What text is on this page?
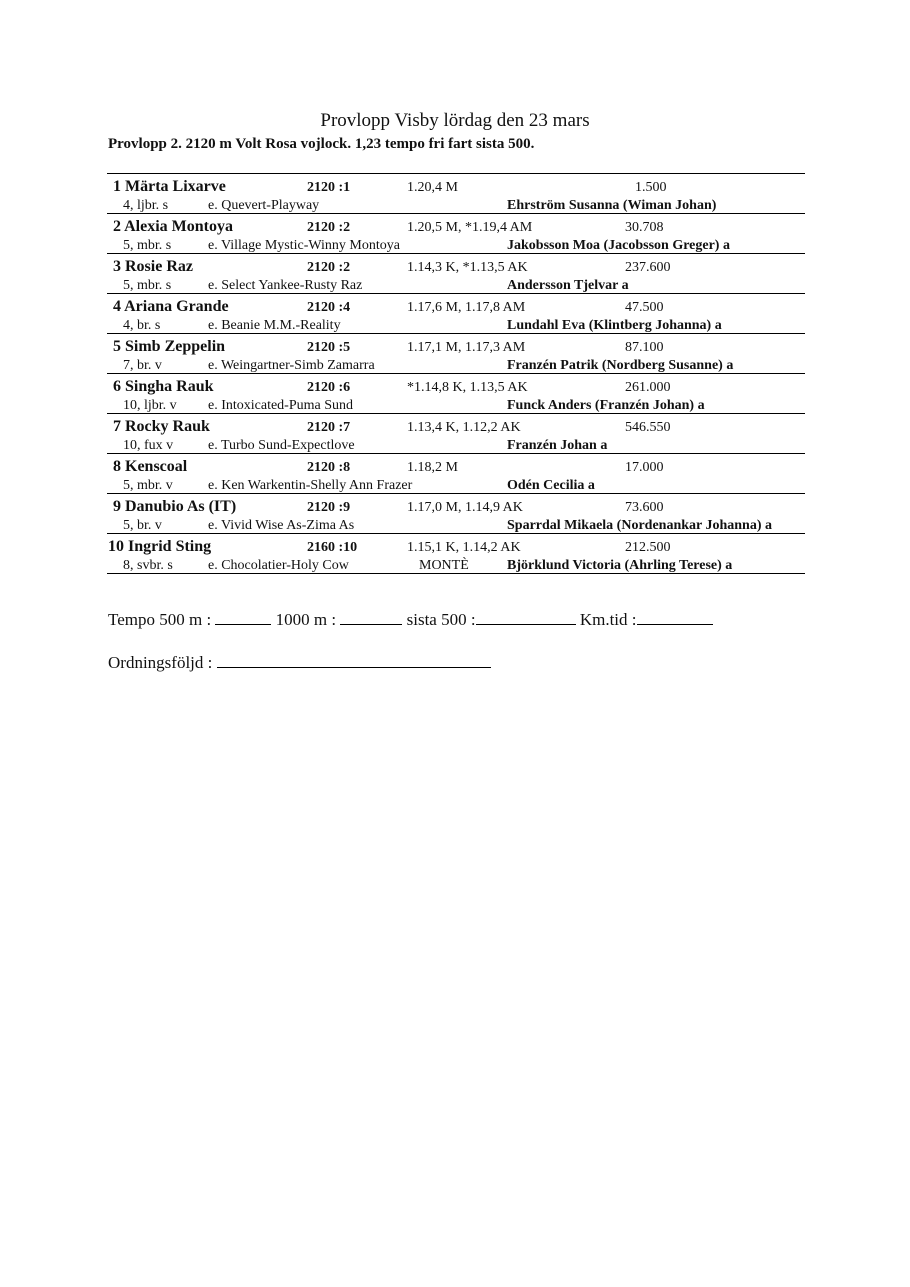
Provlopp Visby lördag den 23 mars
Provlopp 2. 2120 m Volt Rosa vojlock. 1,23 tempo fri fart sista 500.
1 Märta Lixarve	2120 :1	1.20,4 M	1.500
4, ljbr. s	e. Quevert-Playway	Ehrström Susanna (Wiman Johan)
2 Alexia Montoya	2120 :2	1.20,5 M, *1.19,4 AM	30.708
5, mbr. s	e. Village Mystic-Winny Montoya	Jakobsson Moa (Jacobsson Greger) a
3 Rosie Raz	2120 :2	1.14,3 K, *1.13,5 AK	237.600
5, mbr. s	e. Select Yankee-Rusty Raz	Andersson Tjelvar a
4 Ariana Grande	2120 :4	1.17,6 M, 1.17,8 AM	47.500
4, br. s	e. Beanie M.M.-Reality	Lundahl Eva (Klintberg Johanna) a
5 Simb Zeppelin	2120 :5	1.17,1 M, 1.17,3 AM	87.100
7, br. v	e. Weingartner-Simb Zamarra	Franzén Patrik (Nordberg Susanne) a
6 Singha Rauk	2120 :6	*1.14,8 K, 1.13,5 AK	261.000
10, ljbr. v e. Intoxicated-Puma Sund	Funck Anders (Franzén Johan) a
7 Rocky Rauk	2120 :7	1.13,4 K, 1.12,2 AK	546.550
10, fux v e. Turbo Sund-Expectlove	Franzén Johan a
8 Kenscoal	2120 :8	1.18,2 M	17.000
5, mbr. v	e. Ken Warkentin-Shelly Ann Frazer	Odén Cecilia a
9 Danubio As (IT)	2120 :9	1.17,0 M, 1.14,9 AK	73.600
5, br. v	e. Vivid Wise As-Zima As	Sparrdal Mikaela (Nordenankar Johanna) a
10 Ingrid Sting	2160 :10	1.15,1 K, 1.14,2 AK	212.500
8, svbr. s	e. Chocolatier-Holy Cow	MONTÈ	Björklund Victoria (Ahrling Terese) a
Tempo 500 m :	1000 m :	sista 500 :	Km.tid :
Ordningsföljd :
